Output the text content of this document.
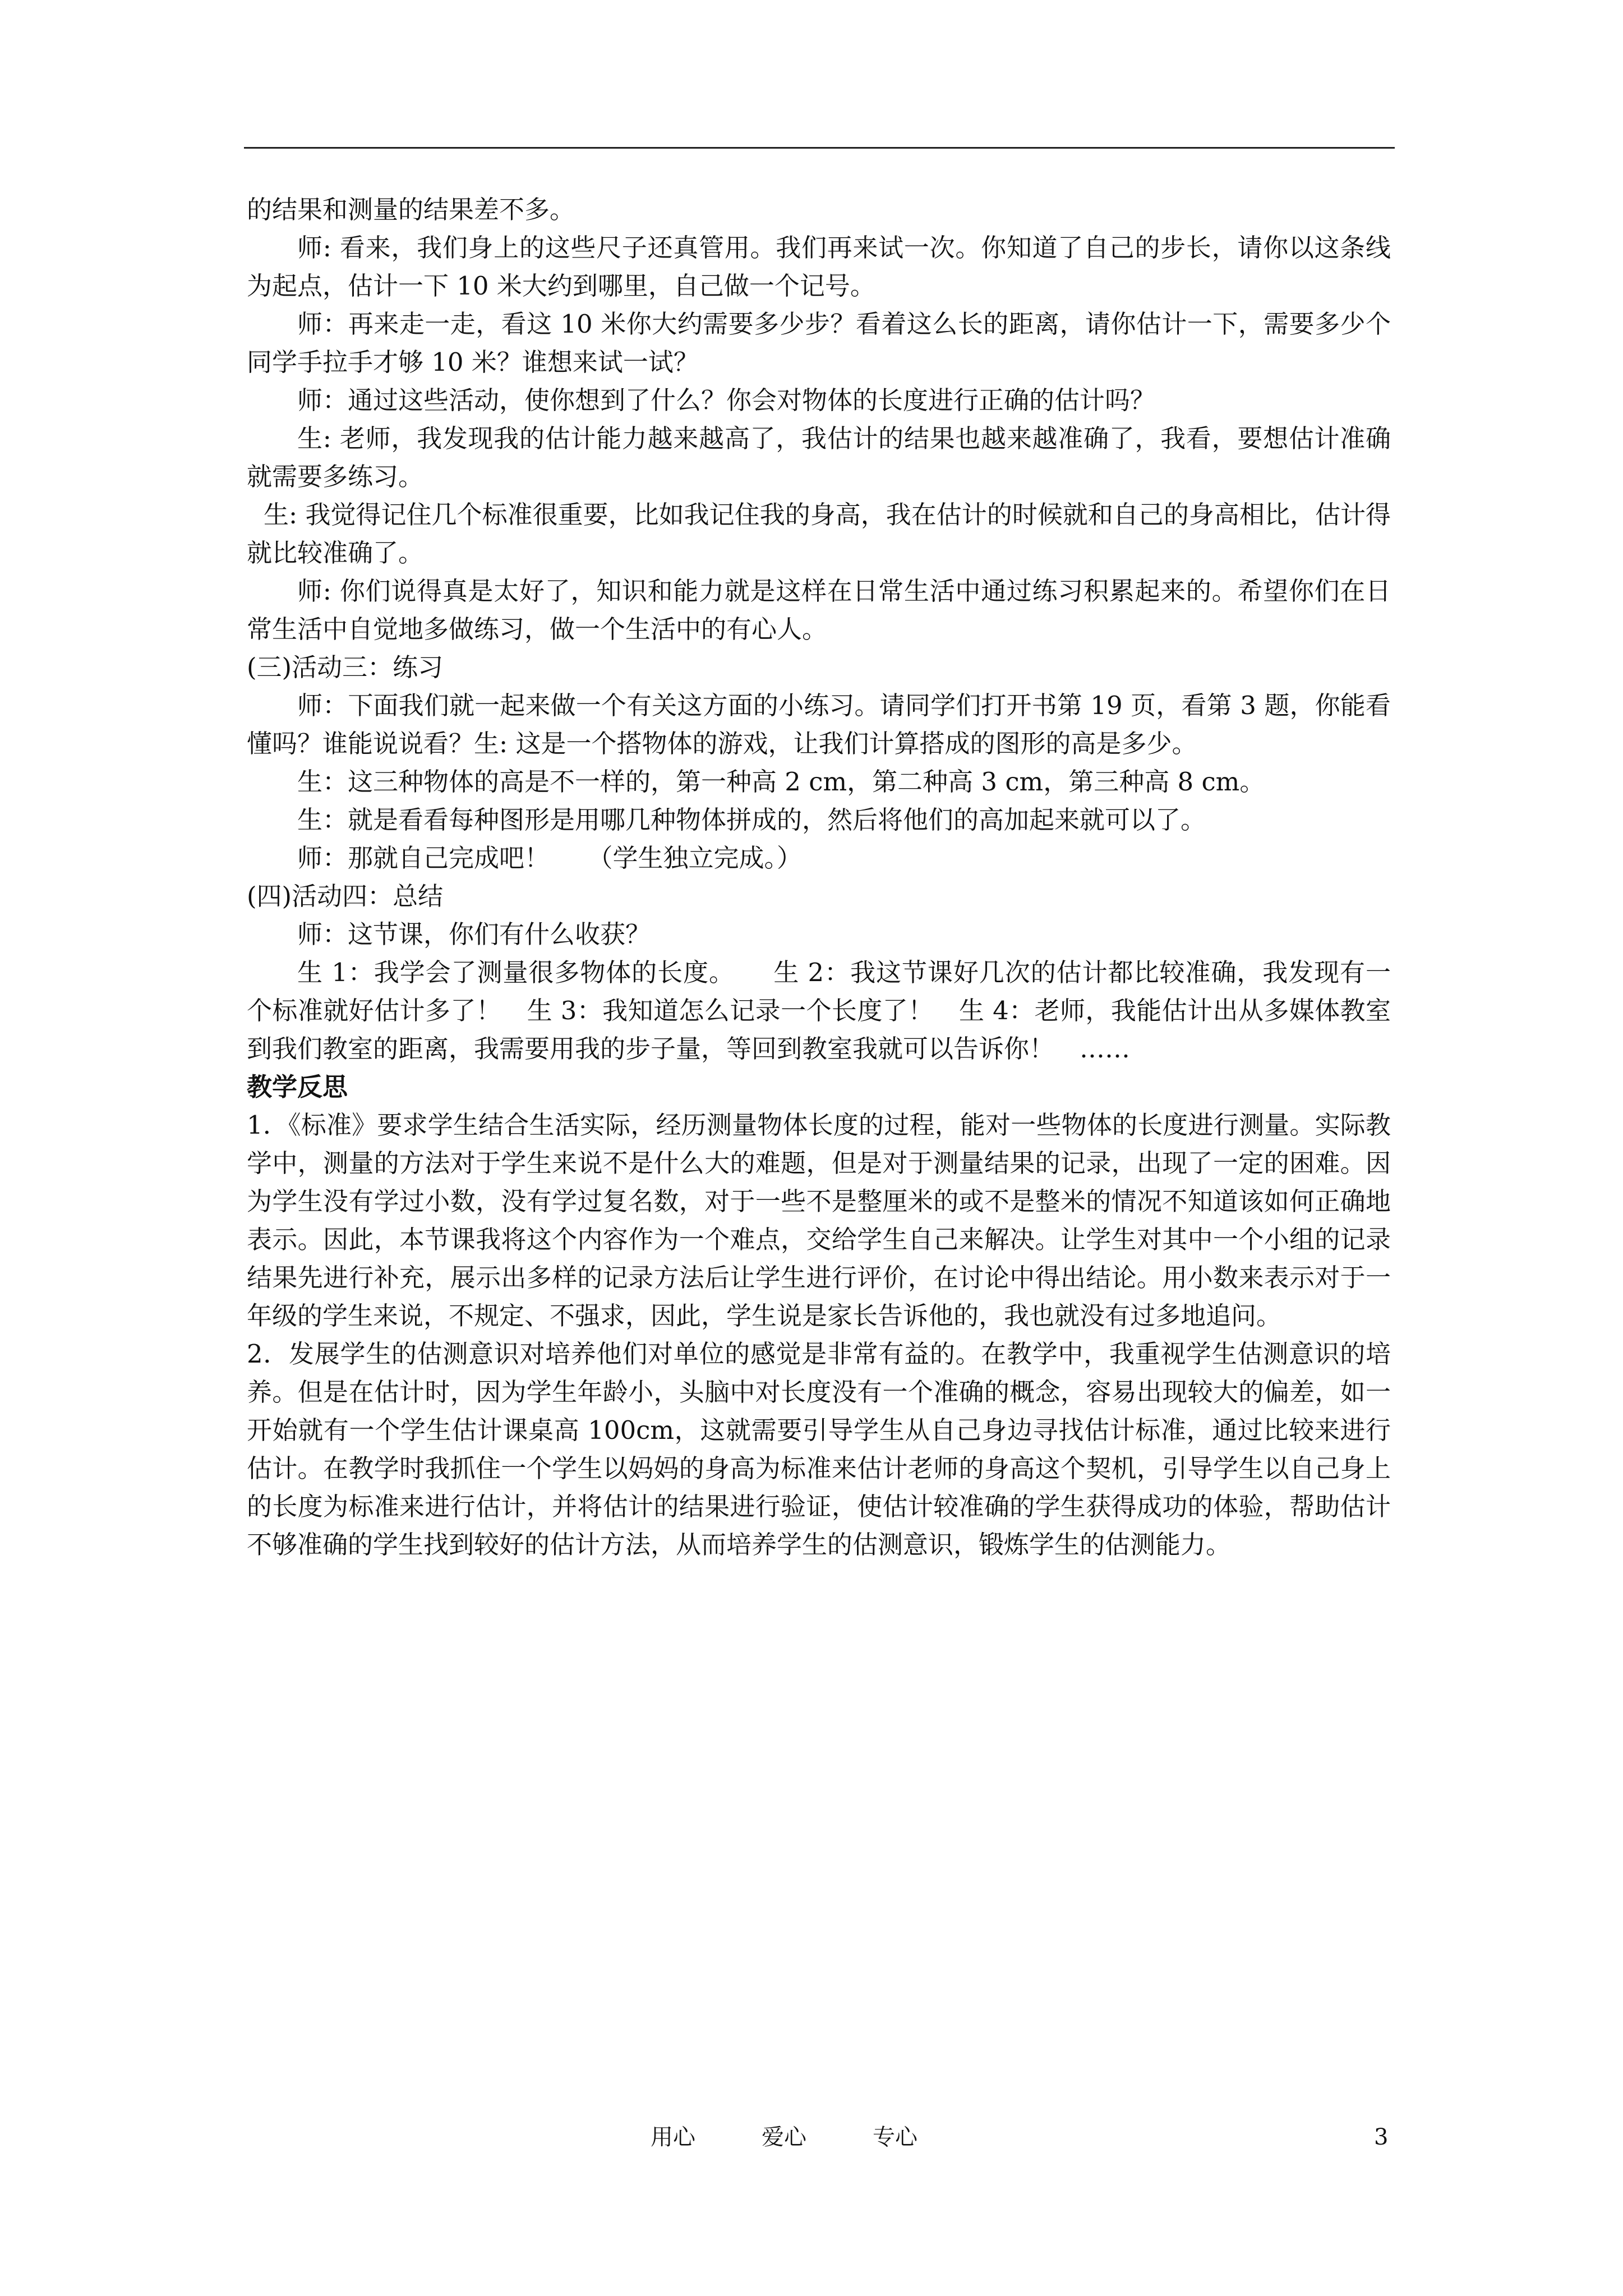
的结果和测量的结果差不多。

师: 看来，我们身上的这些尺子还真管用。我们再来试一次。你知道了自己的步长，请你以这条线为起点，估计一下 10 米大约到哪里，自己做一个记号。

师：再来走一走，看这 10 米你大约需要多少步？看着这么长的距离，请你估计一下，需要多少个同学手拉手才够 10 米？谁想来试一试？

师：通过这些活动，使你想到了什么？你会对物体的长度进行正确的估计吗？

生: 老师，我发现我的估计能力越来越高了，我估计的结果也越来越准确了，我看，要想估计准确就需要多练习。

生: 我觉得记住几个标准很重要，比如我记住我的身高，我在估计的时候就和自己的身高相比，估计得就比较准确了。

师: 你们说得真是太好了，知识和能力就是这样在日常生活中通过练习积累起来的。希望你们在日常生活中自觉地多做练习，做一个生活中的有心人。

(三)活动三：练习

师：下面我们就一起来做一个有关这方面的小练习。请同学们打开书第 19 页，看第 3 题，你能看懂吗？谁能说说看？生: 这是一个搭物体的游戏，让我们计算搭成的图形的高是多少。

生：这三种物体的高是不一样的，第一种高 2 cm，第二种高 3 cm，第三种高 8 cm。

生：就是看看每种图形是用哪几种物体拼成的，然后将他们的高加起来就可以了。

师：那就自己完成吧！　　（学生独立完成。）

(四)活动四：总结

师：这节课，你们有什么收获？

生 1：我学会了测量很多物体的长度。　　生 2：我这节课好几次的估计都比较准确，我发现有一个标准就好估计多了！　生 3：我知道怎么记录一个长度了！　生 4：老师，我能估计出从多媒体教室到我们教室的距离，我需要用我的步子量，等回到教室我就可以告诉你！　……

教学反思

1．《标准》要求学生结合生活实际，经历测量物体长度的过程，能对一些物体的长度进行测量。实际教学中，测量的方法对于学生来说不是什么大的难题，但是对于测量结果的记录，出现了一定的困难。因为学生没有学过小数，没有学过复名数，对于一些不是整厘米的或不是整米的情况不知道该如何正确地表示。因此，本节课我将这个内容作为一个难点，交给学生自己来解决。让学生对其中一个小组的记录结果先进行补充，展示出多样的记录方法后让学生进行评价，在讨论中得出结论。用小数来表示对于一年级的学生来说，不规定、不强求，因此，学生说是家长告诉他的，我也就没有过多地追问。

2．发展学生的估测意识对培养他们对单位的感觉是非常有益的。在教学中，我重视学生估测意识的培养。但是在估计时，因为学生年龄小，头脑中对长度没有一个准确的概念，容易出现较大的偏差，如一开始就有一个学生估计课桌高 100cm，这就需要引导学生从自己身边寻找估计标准，通过比较来进行估计。在教学时我抓住一个学生以妈妈的身高为标准来估计老师的身高这个契机，引导学生以自己身上的长度为标准来进行估计，并将估计的结果进行验证，使估计较准确的学生获得成功的体验，帮助估计不够准确的学生找到较好的估计方法，从而培养学生的估测意识，锻炼学生的估测能力。

用心	爱心	专心	3
